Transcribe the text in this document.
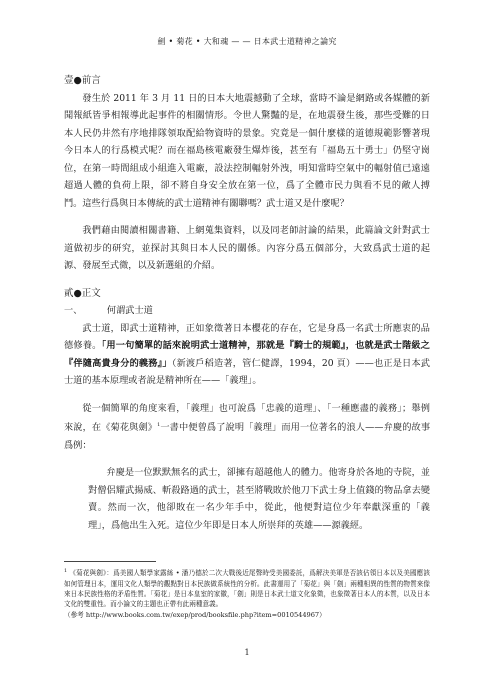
劍 • 菊花 • 大和魂 — — 日本武士道精神之論究

壹●前言

發生於 2011 年 3 月 11 日的日本大地震撼動了全球，當時不論是網路或各媒體的新聞報紙皆爭相報導此起事件的相關情形。令世人驚豔的是，在地震發生後，那些受難的日本人民仍井然有序地排隊領取配給物資時的景象。究竟是一個什麼樣的道德規範影響著現今日本人的行爲模式呢？而在福島核電廠發生爆炸後，甚至有「福島五十勇士」仍堅守崗位，在第一時間組成小組進入電廠，設法控制輻射外洩，明知當時空氣中的輻射值已遠遠超過人體的負荷上限，卻不將自身安全放在第一位，爲了全體市民力與看不見的敵人搏鬥。這些行爲與日本傳統的武士道精神有關聯嗎？武士道又是什麼呢？

我們藉由閱讀相關書籍、上網蒐集資料，以及同老師討論的結果，此篇論文針對武士道做初步的研究，並探討其與日本人民的關係。內容分爲五個部分，大致爲武士道的起源、發展至式微，以及新選組的介紹。

貳●正文

一、	何謂武士道

武士道，即武士道精神，正如象徵著日本櫻花的存在，它是身爲一名武士所應衷的品德修養。「用一句簡單的話來說明武士道精神，那就是『騎士的規範』，也就是武士階級之『伴隨高貴身分的義務』」（新渡戶稻造著，管仁健譯，1994，20 頁）——也正是日本武士道的基本原理或者說是精神所在——「義理」。

從一個簡單的角度來看，「義理」也可說爲「忠義的道理」、「一種應盡的義務」；舉例來說，在《菊花與劍》$^1$一書中便曾爲了說明「義理」而用一位著名的浪人——弁慶的故事爲例：

弁慶是一位默默無名的武士，卻擁有超越他人的體力。他寄身於各地的寺院，並對僧侶耀武揚威、斬殺路過的武士，甚至將戰敗於他刀下武士身上值錢的物品拿去變賣。然而一次，他卻敗在一名少年手中，從此，他便對這位少年奉獻深重的「義理」，爲他出生入死。這位少年即是日本人所崇拜的英雄——源義經。

$^1$ 《菊花與劍》：爲美國人類學家露絲 • 潘乃德於二次大戰後近尾聲時受美國委託，爲解決美軍是否該佔領日本以及美國應該如何管理日本，運用文化人類學的觀點對日本民族做系統性的分析。此書運用了「菊花」與「劍」兩種相異的性質的物質來像來日本民族性格的矛盾性質。「菊花」是日本皇室的家徽，「劍」則是日本武士道文化象徵，也象徵著日本人的本質，以及日本文化的雙重性。而小論文的主題也正帶有此兩種意義。

（參考 http://www.books.com.tw/exep/prod/booksfile.php?item=0010544967）

1
